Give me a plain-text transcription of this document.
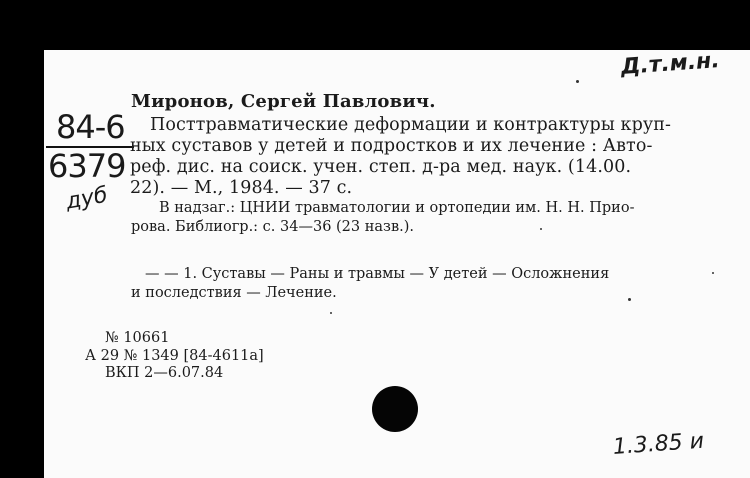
Д.т.м.н.
84-6
6379
дуб
Миронов, Сергей Павлович.
Посттравматические деформации и контрактуры круп-
ных суставов у детей и подростков и их лечение : Авто-
реф. дис. на соиск. учен. степ. д-ра мед. наук. (14.00.
22). — М., 1984. — 37 с.
В надзаг.: ЦНИИ травматологии и ортопедии им. Н. Н. Прио-
рова. Библиогр.: с. 34—36 (23 назв.).
— — 1. Суставы — Раны и травмы — У детей — Осложнения
и последствия — Лечение.
№ 10661
А 29 № 1349 [84-4611а]
ВКП 2—6.07.84
1.3.85 и
